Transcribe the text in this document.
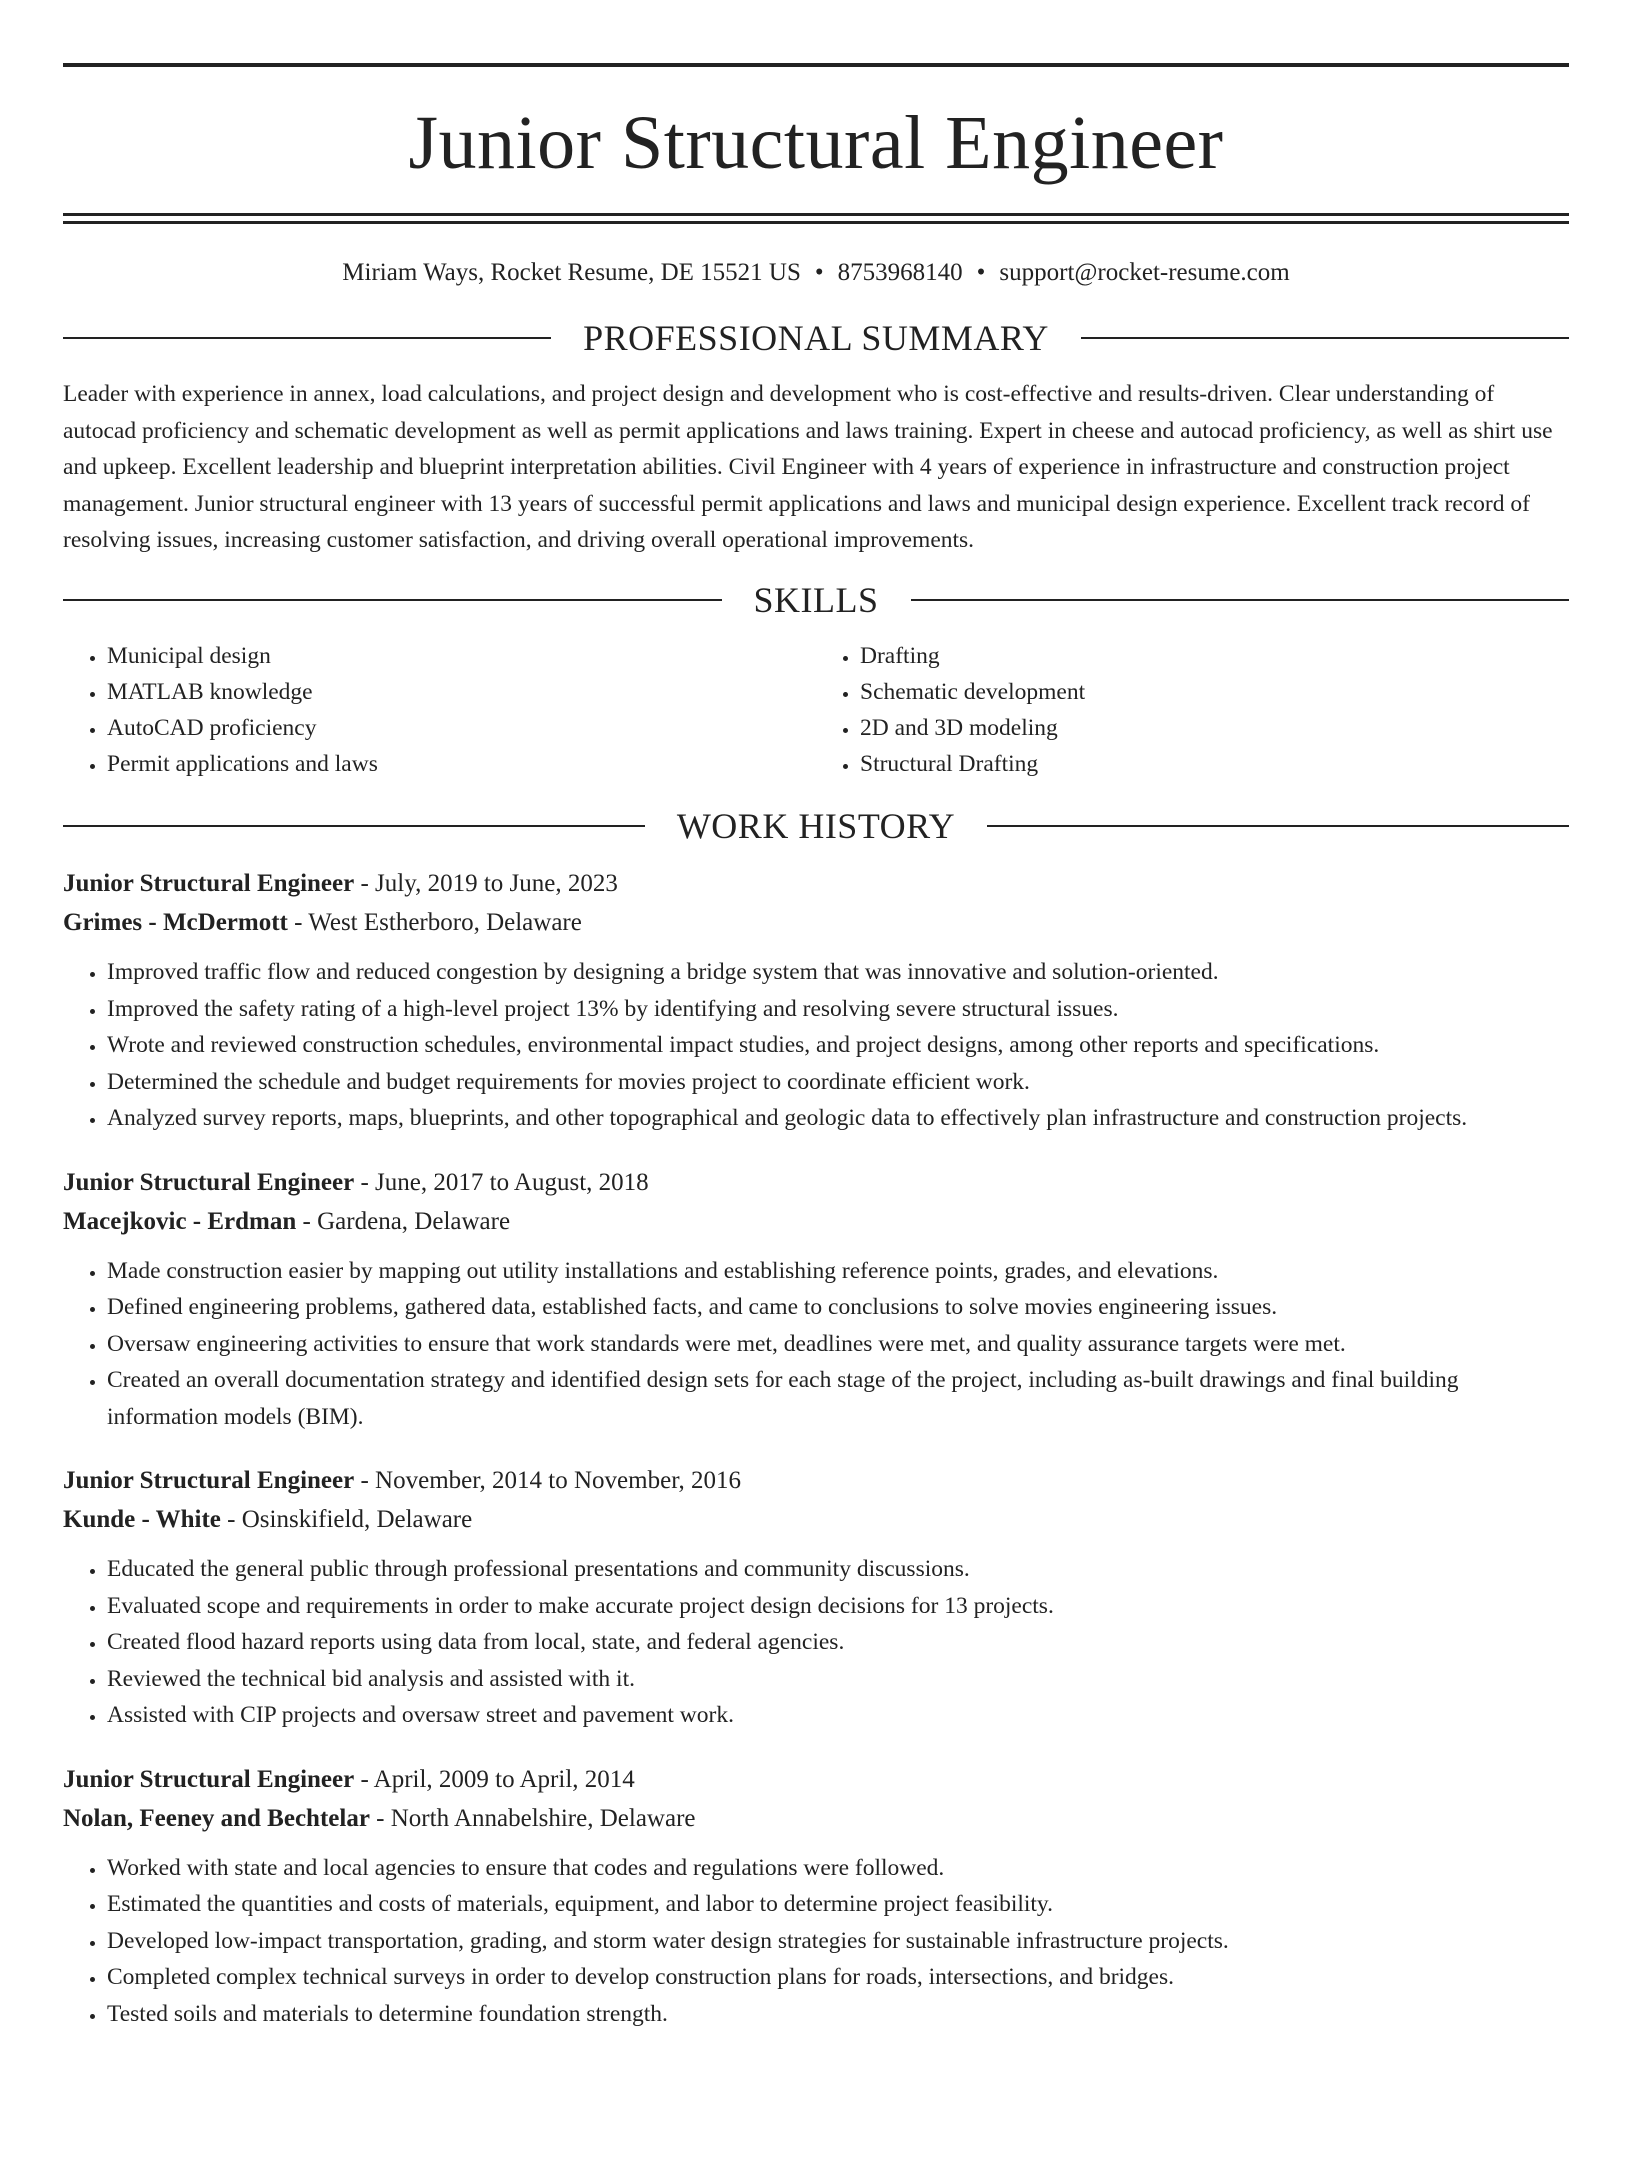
Junior Structural Engineer
Miriam Ways, Rocket Resume, DE 15521 US • 8753968140 • support@rocket-resume.com
PROFESSIONAL SUMMARY

Leader with experience in annex, load calculations, and project design and development who is cost-effective and results-driven. Clear understanding of autocad proficiency and schematic development as well as permit applications and laws training. Expert in cheese and autocad proficiency, as well as shirt use and upkeep. Excellent leadership and blueprint interpretation abilities. Civil Engineer with 4 years of experience in infrastructure and construction project management. Junior structural engineer with 13 years of successful permit applications and laws and municipal design experience. Excellent track record of resolving issues, increasing customer satisfaction, and driving overall operational improvements.

SKILLS
• Municipal design
• MATLAB knowledge
• AutoCAD proficiency
• Permit applications and laws
• Drafting
• Schematic development
• 2D and 3D modeling
• Structural Drafting
WORK HISTORY
Junior Structural Engineer - July, 2019 to June, 2023
Grimes - McDermott - West Estherboro, Delaware
• Improved traffic flow and reduced congestion by designing a bridge system that was innovative and solution-oriented.
• Improved the safety rating of a high-level project 13% by identifying and resolving severe structural issues.
• Wrote and reviewed construction schedules, environmental impact studies, and project designs, among other reports and specifications.
• Determined the schedule and budget requirements for movies project to coordinate efficient work.
• Analyzed survey reports, maps, blueprints, and other topographical and geologic data to effectively plan infrastructure and construction projects.
Junior Structural Engineer - June, 2017 to August, 2018
Macejkovic - Erdman - Gardena, Delaware
• Made construction easier by mapping out utility installations and establishing reference points, grades, and elevations.
• Defined engineering problems, gathered data, established facts, and came to conclusions to solve movies engineering issues.
• Oversaw engineering activities to ensure that work standards were met, deadlines were met, and quality assurance targets were met.
• Created an overall documentation strategy and identified design sets for each stage of the project, including as-built drawings and final building information models (BIM).
Junior Structural Engineer - November, 2014 to November, 2016
Kunde - White - Osinskifield, Delaware
• Educated the general public through professional presentations and community discussions.
• Evaluated scope and requirements in order to make accurate project design decisions for 13 projects.
• Created flood hazard reports using data from local, state, and federal agencies.
• Reviewed the technical bid analysis and assisted with it.
• Assisted with CIP projects and oversaw street and pavement work.
Junior Structural Engineer - April, 2009 to April, 2014
Nolan, Feeney and Bechtelar - North Annabelshire, Delaware
• Worked with state and local agencies to ensure that codes and regulations were followed.
• Estimated the quantities and costs of materials, equipment, and labor to determine project feasibility.
• Developed low-impact transportation, grading, and storm water design strategies for sustainable infrastructure projects.
• Completed complex technical surveys in order to develop construction plans for roads, intersections, and bridges.
• Tested soils and materials to determine foundation strength.
